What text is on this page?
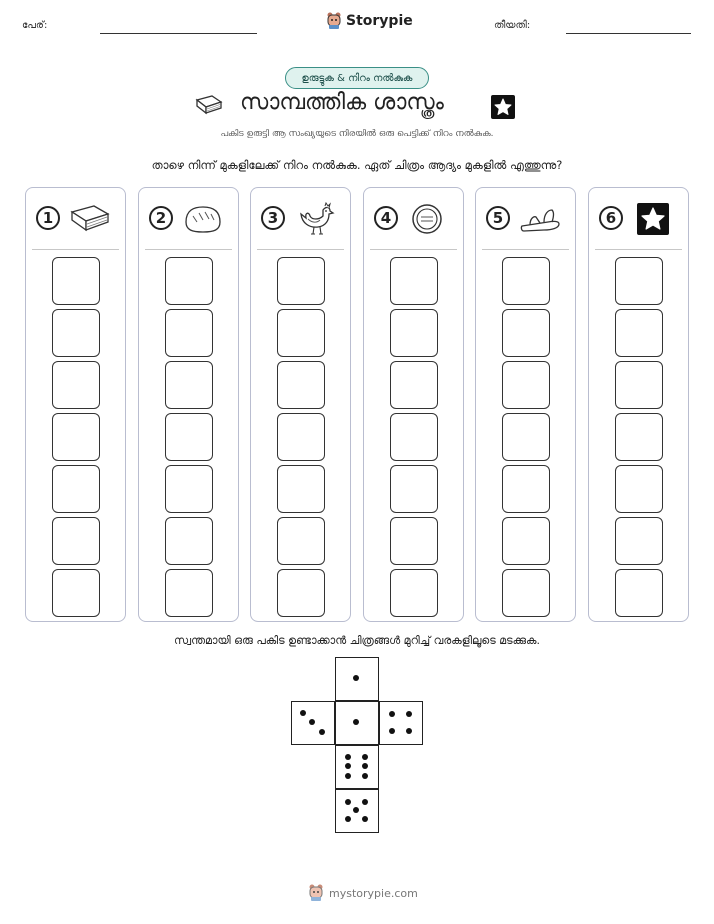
പേര്:	Storypie	തീയതി:
ഉരുട്ടുക & നിറം നൽകുക
സാമ്പത്തിക ശാസ്ത്രം
പകിട ഉരുട്ടി ആ സംഖ്യയുടെ നിരയിൽ ഒരു പെട്ടിക്ക് നിറം നൽകുക.
താഴെ നിന്ന് മുകളിലേക്ക് നിറം നൽകുക. ഏത് ചിത്രം ആദ്യം മുകളിൽ എത്തുന്നു?
1	2	3	4	5	6
സ്വന്തമായി ഒരു പകിട ഉണ്ടാക്കാൻ ചിത്രങ്ങൾ മുറിച്ച് വരകളിലൂടെ മടക്കുക.
mystorypie.com
